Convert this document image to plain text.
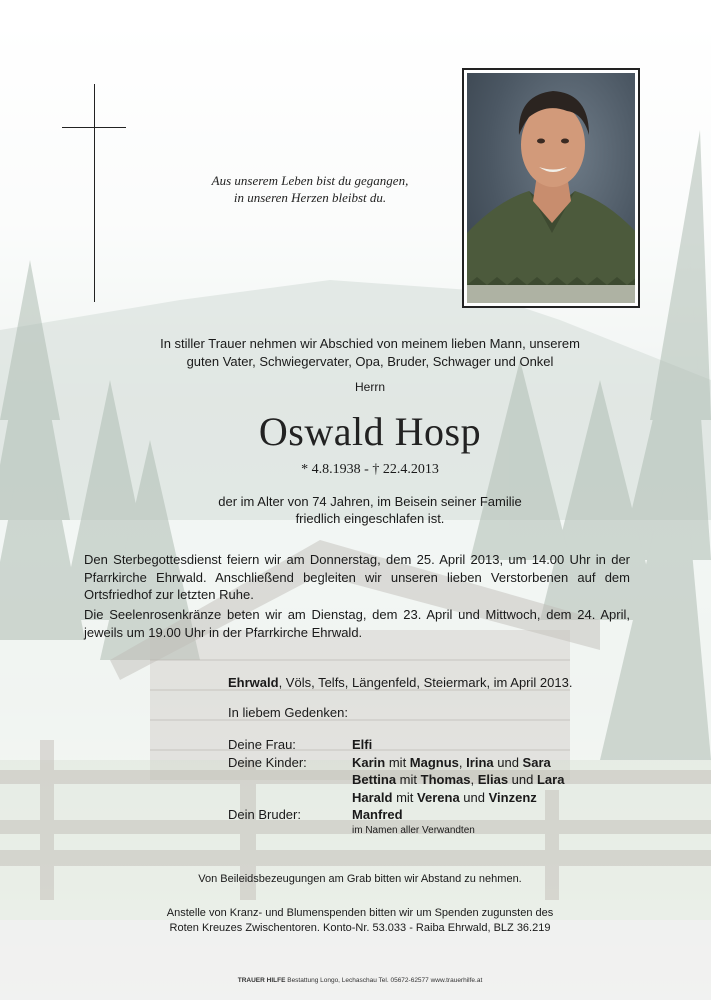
Aus unserem Leben bist du gegangen,
in unseren Herzen bleibst du.
In stiller Trauer nehmen wir Abschied von meinem lieben Mann, unserem
guten Vater, Schwiegervater, Opa, Bruder, Schwager und Onkel
Herrn
Oswald Hosp
* 4.8.1938 - † 22.4.2013
der im Alter von 74 Jahren, im Beisein seiner Familie
friedlich eingeschlafen ist.
Den Sterbegottesdienst feiern wir am Donnerstag, dem 25. April 2013, um 14.00 Uhr in der Pfarrkirche Ehrwald. Anschließend begleiten wir unseren lieben Verstorbenen auf dem Ortsfriedhof zur letzten Ruhe.
Die Seelenrosenkränze beten wir am Dienstag, dem 23. April und Mittwoch, dem 24. April, jeweils um 19.00 Uhr in der Pfarrkirche Ehrwald.
Ehrwald, Völs, Telfs, Längenfeld, Steiermark, im April 2013.
In liebem Gedenken:
Deine Frau:	Elfi
Deine Kinder:	Karin mit Magnus, Irina und Sara
Bettina mit Thomas, Elias und Lara
Harald mit Verena und Vinzenz
Dein Bruder:	Manfred
im Namen aller Verwandten
Von Beileidsbezeugungen am Grab bitten wir Abstand zu nehmen.
Anstelle von Kranz- und Blumenspenden bitten wir um Spenden zugunsten des
Roten Kreuzes Zwischentoren. Konto-Nr. 53.033 - Raiba Ehrwald, BLZ 36.219
TRAUER HILFE Bestattung Longo, Lechaschau Tel. 05672-62577 www.trauerhilfe.at
